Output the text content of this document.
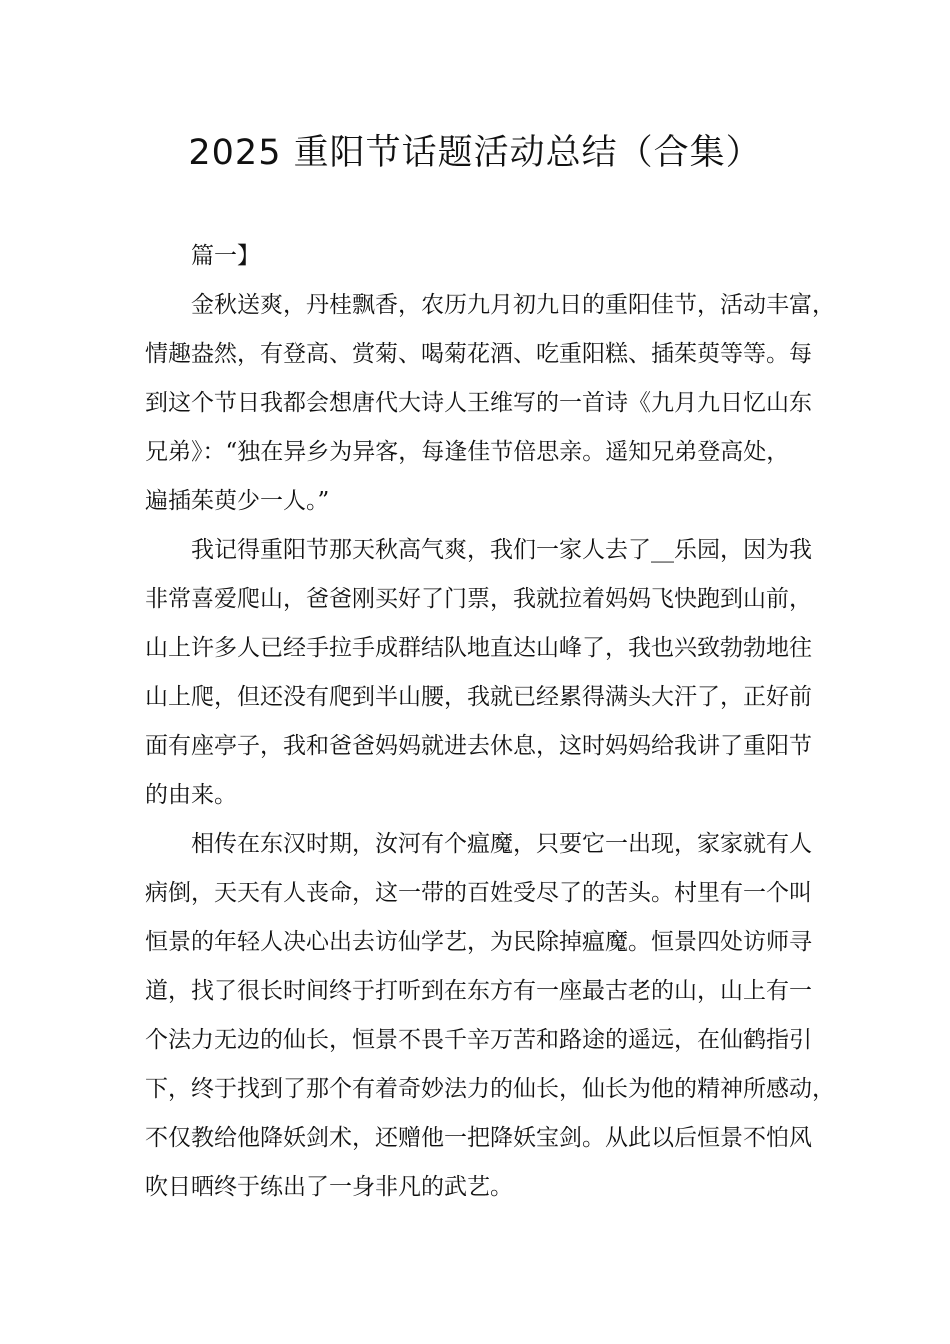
2025 重阳节话题活动总结（合集）
篇一】
金秋送爽，丹桂飘香，农历九月初九日的重阳佳节，活动丰富，
情趣盎然，有登高、赏菊、喝菊花酒、吃重阳糕、插茱萸等等。每
到这个节日我都会想唐代大诗人王维写的一首诗《九月九日忆山东
兄弟》：“独在异乡为异客，每逢佳节倍思亲。遥知兄弟登高处，
遍插茱萸少一人。”
我记得重阳节那天秋高气爽，我们一家人去了__乐园，因为我
非常喜爱爬山，爸爸刚买好了门票，我就拉着妈妈飞快跑到山前，
山上许多人已经手拉手成群结队地直达山峰了，我也兴致勃勃地往
山上爬，但还没有爬到半山腰，我就已经累得满头大汗了，正好前
面有座亭子，我和爸爸妈妈就进去休息，这时妈妈给我讲了重阳节
的由来。
相传在东汉时期，汝河有个瘟魔，只要它一出现，家家就有人
病倒，天天有人丧命，这一带的百姓受尽了的苦头。村里有一个叫
恒景的年轻人决心出去访仙学艺，为民除掉瘟魔。恒景四处访师寻
道，找了很长时间终于打听到在东方有一座最古老的山，山上有一
个法力无边的仙长，恒景不畏千辛万苦和路途的遥远，在仙鹤指引
下，终于找到了那个有着奇妙法力的仙长，仙长为他的精神所感动，
不仅教给他降妖剑术，还赠他一把降妖宝剑。从此以后恒景不怕风
吹日晒终于练出了一身非凡的武艺。
